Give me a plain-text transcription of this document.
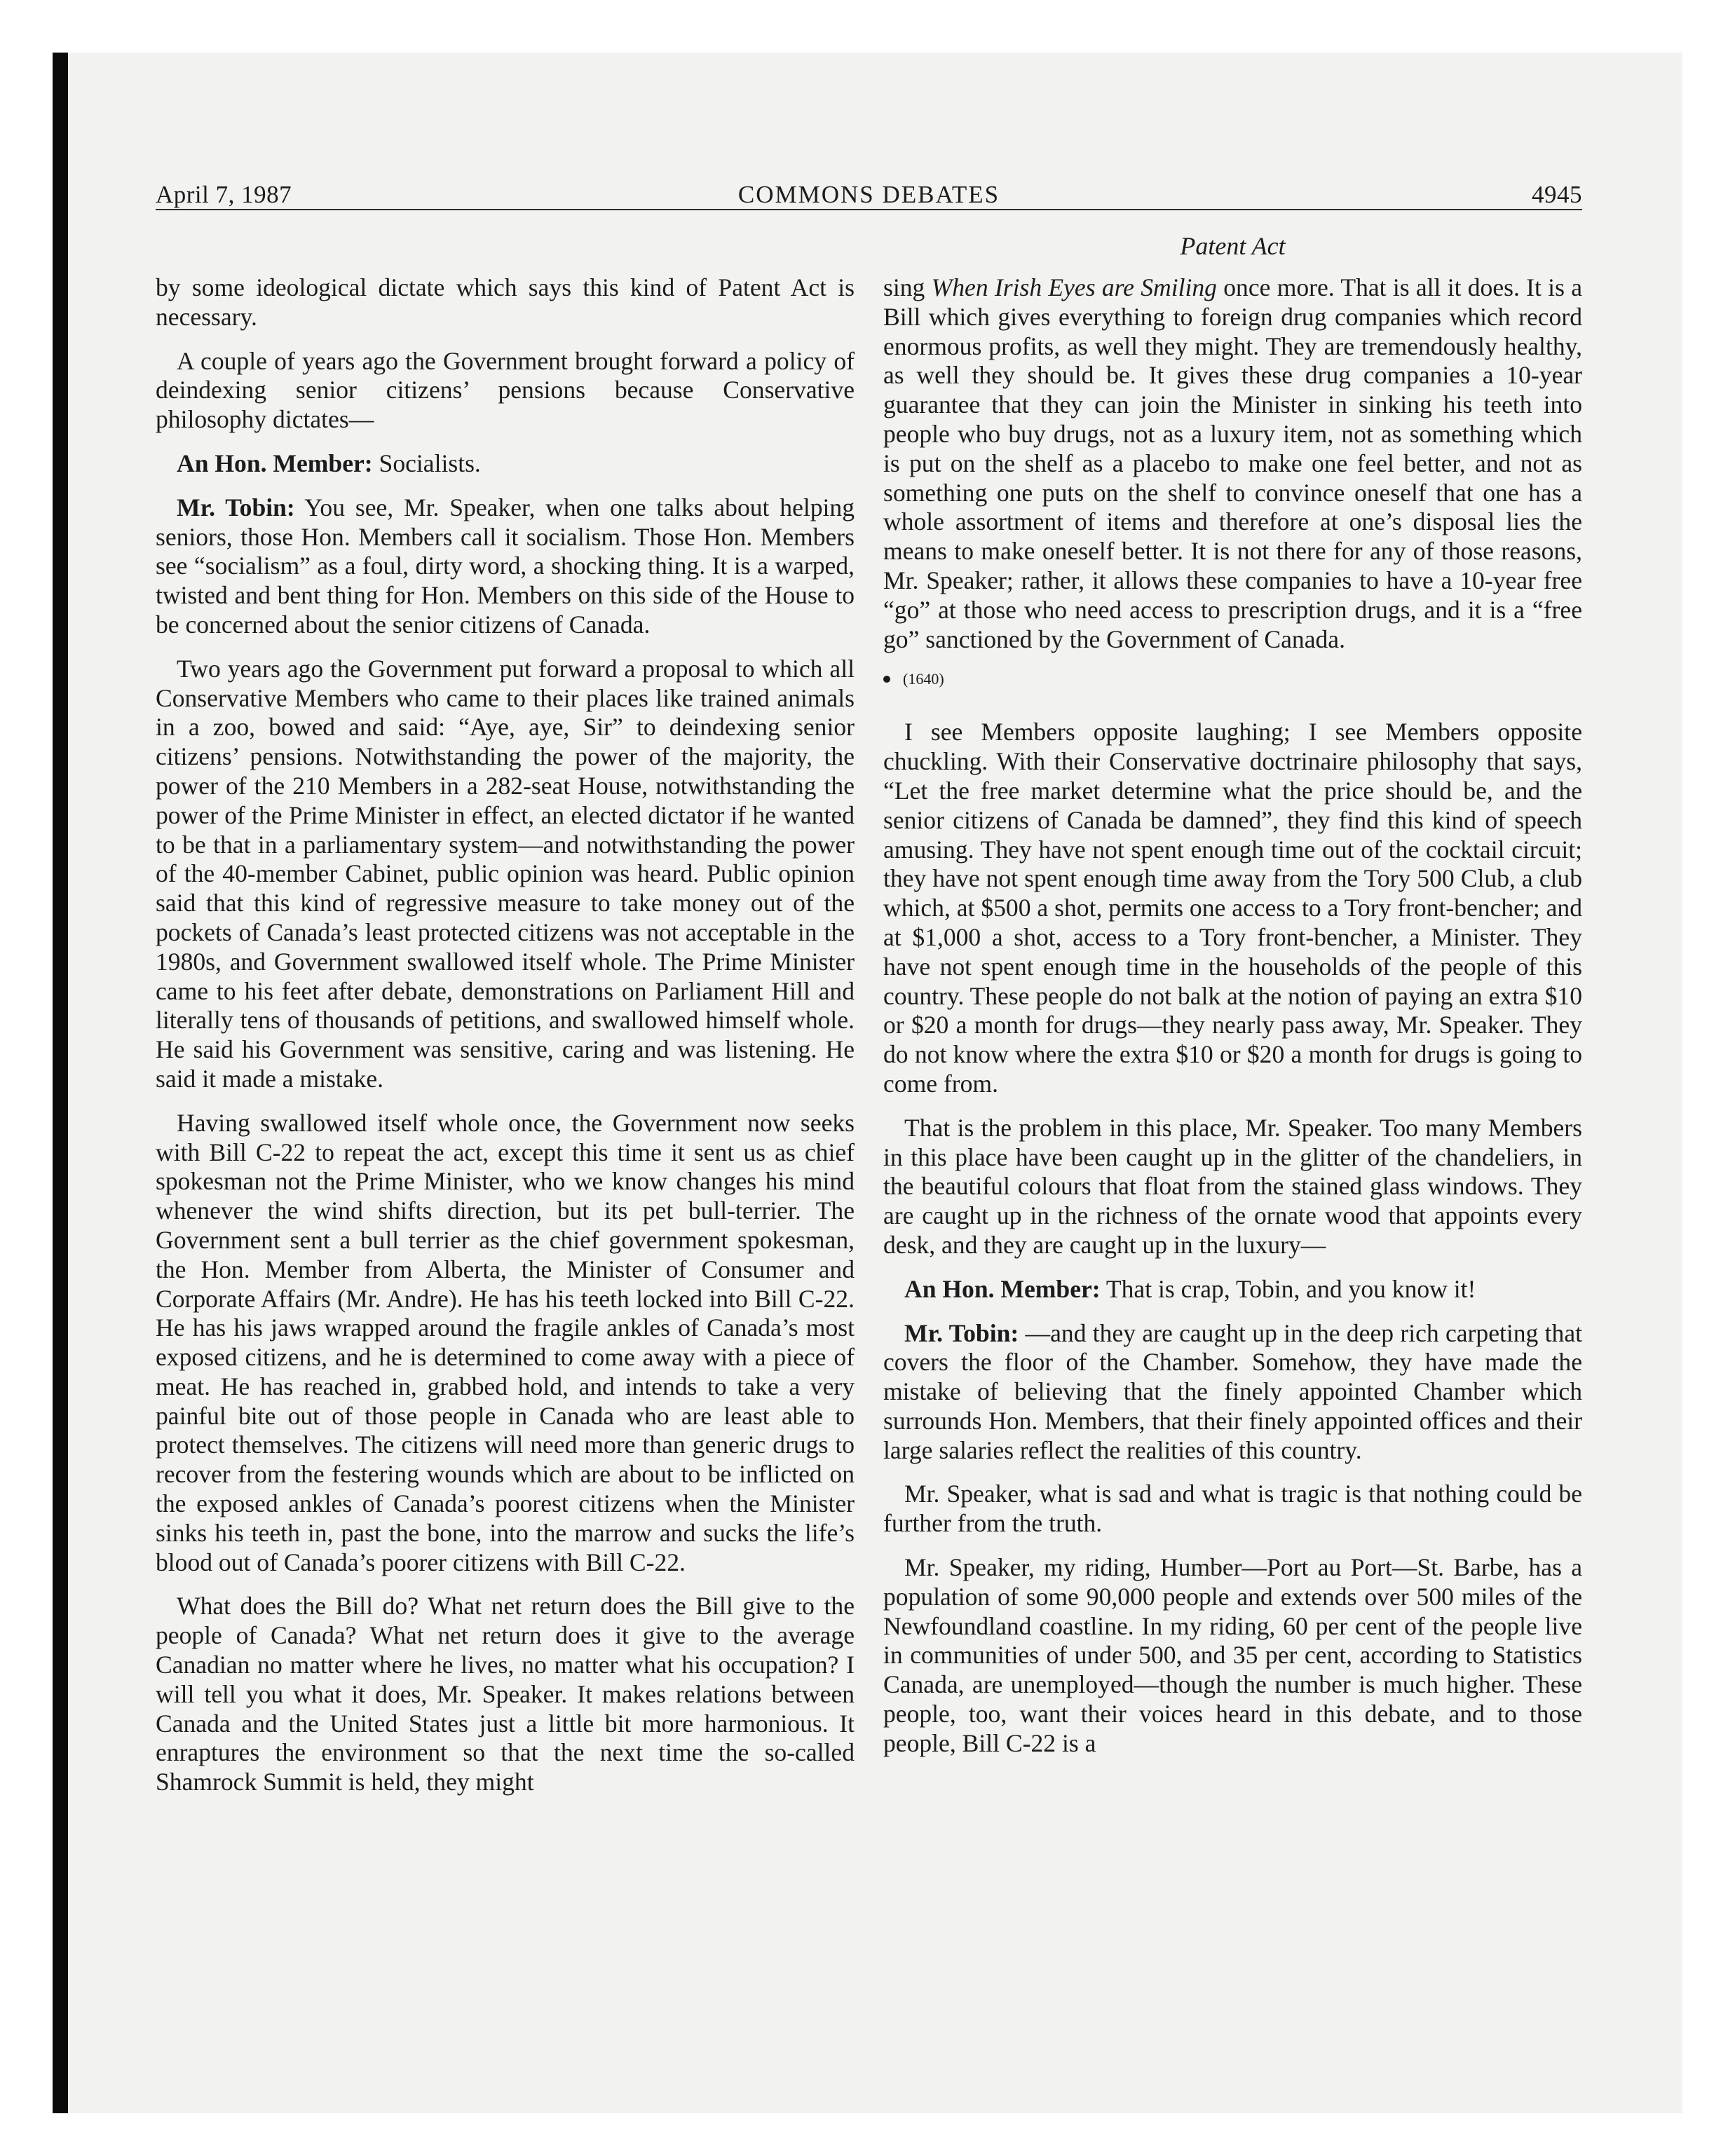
April 7, 1987	COMMONS DEBATES	4945
Patent Act

by some ideological dictate which says this kind of Patent Act is necessary.

A couple of years ago the Government brought forward a policy of deindexing senior citizens’ pensions because Conservative philosophy dictates—

An Hon. Member: Socialists.

Mr. Tobin: You see, Mr. Speaker, when one talks about helping seniors, those Hon. Members call it socialism. Those Hon. Members see “socialism” as a foul, dirty word, a shocking thing. It is a warped, twisted and bent thing for Hon. Members on this side of the House to be concerned about the senior citizens of Canada.

Two years ago the Government put forward a proposal to which all Conservative Members who came to their places like trained animals in a zoo, bowed and said: “Aye, aye, Sir” to deindexing senior citizens’ pensions. Notwithstanding the power of the majority, the power of the 210 Members in a 282-seat House, notwithstanding the power of the Prime Minister in effect, an elected dictator if he wanted to be that in a parliamentary system—and notwithstanding the power of the 40-member Cabinet, public opinion was heard. Public opinion said that this kind of regressive measure to take money out of the pockets of Canada’s least protected citizens was not acceptable in the 1980s, and Government swallowed itself whole. The Prime Minister came to his feet after debate, demonstrations on Parliament Hill and literally tens of thousands of petitions, and swallowed himself whole. He said his Government was sensitive, caring and was listening. He said it made a mistake.

Having swallowed itself whole once, the Government now seeks with Bill C-22 to repeat the act, except this time it sent us as chief spokesman not the Prime Minister, who we know changes his mind whenever the wind shifts direction, but its pet bull-terrier. The Government sent a bull terrier as the chief government spokesman, the Hon. Member from Alberta, the Minister of Consumer and Corporate Affairs (Mr. Andre). He has his teeth locked into Bill C-22. He has his jaws wrapped around the fragile ankles of Canada’s most exposed citizens, and he is determined to come away with a piece of meat. He has reached in, grabbed hold, and intends to take a very painful bite out of those people in Canada who are least able to protect themselves. The citizens will need more than generic drugs to recover from the festering wounds which are about to be inflicted on the exposed ankles of Canada’s poorest citizens when the Minister sinks his teeth in, past the bone, into the marrow and sucks the life’s blood out of Canada’s poorer citizens with Bill C-22.

What does the Bill do? What net return does the Bill give to the people of Canada? What net return does it give to the average Canadian no matter where he lives, no matter what his occupation? I will tell you what it does, Mr. Speaker. It makes relations between Canada and the United States just a little bit more harmonious. It enraptures the environment so that the next time the so-called Shamrock Summit is held, they might

sing When Irish Eyes are Smiling once more. That is all it does. It is a Bill which gives everything to foreign drug companies which record enormous profits, as well they might. They are tremendously healthy, as well they should be. It gives these drug companies a 10-year guarantee that they can join the Minister in sinking his teeth into people who buy drugs, not as a luxury item, not as something which is put on the shelf as a placebo to make one feel better, and not as something one puts on the shelf to convince oneself that one has a whole assortment of items and therefore at one’s disposal lies the means to make oneself better. It is not there for any of those reasons, Mr. Speaker; rather, it allows these companies to have a 10-year free “go” at those who need access to prescription drugs, and it is a “free go” sanctioned by the Government of Canada.

(1640)

I see Members opposite laughing; I see Members opposite chuckling. With their Conservative doctrinaire philosophy that says, “Let the free market determine what the price should be, and the senior citizens of Canada be damned”, they find this kind of speech amusing. They have not spent enough time out of the cocktail circuit; they have not spent enough time away from the Tory 500 Club, a club which, at $500 a shot, permits one access to a Tory front-bencher; and at $1,000 a shot, access to a Tory front-bencher, a Minister. They have not spent enough time in the households of the people of this country. These people do not balk at the notion of paying an extra $10 or $20 a month for drugs—they nearly pass away, Mr. Speaker. They do not know where the extra $10 or $20 a month for drugs is going to come from.

That is the problem in this place, Mr. Speaker. Too many Members in this place have been caught up in the glitter of the chandeliers, in the beautiful colours that float from the stained glass windows. They are caught up in the richness of the ornate wood that appoints every desk, and they are caught up in the luxury—

An Hon. Member: That is crap, Tobin, and you know it!

Mr. Tobin: —and they are caught up in the deep rich carpeting that covers the floor of the Chamber. Somehow, they have made the mistake of believing that the finely appointed Chamber which surrounds Hon. Members, that their finely appointed offices and their large salaries reflect the realities of this country.

Mr. Speaker, what is sad and what is tragic is that nothing could be further from the truth.

Mr. Speaker, my riding, Humber—Port au Port—St. Barbe, has a population of some 90,000 people and extends over 500 miles of the Newfoundland coastline. In my riding, 60 per cent of the people live in communities of under 500, and 35 per cent, according to Statistics Canada, are unemployed—though the number is much higher. These people, too, want their voices heard in this debate, and to those people, Bill C-22 is a
